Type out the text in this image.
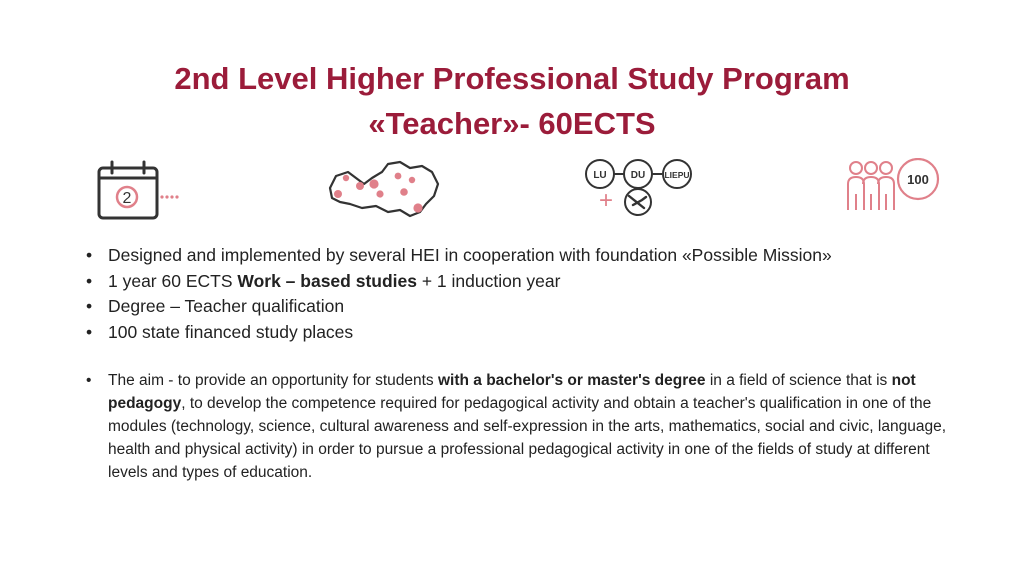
2nd Level Higher Professional Study Program
«Teacher»- 60ECTS
2
LU DU LIEPU
+
100
• Designed and implemented by several HEI in cooperation with foundation «Possible Mission»
• 1 year 60 ECTS Work – based studies + 1 induction year
• Degree – Teacher qualification
• 100 state financed study places
• The aim - to provide an opportunity for students with a bachelor's or master's degree in a field of science that is not pedagogy, to develop the competence required for pedagogical activity and obtain a teacher's qualification in one of the modules (technology, science, cultural awareness and self-expression in the arts, mathematics, social and civic, language, health and physical activity) in order to pursue a professional pedagogical activity in one of the fields of study at different levels and types of education.
